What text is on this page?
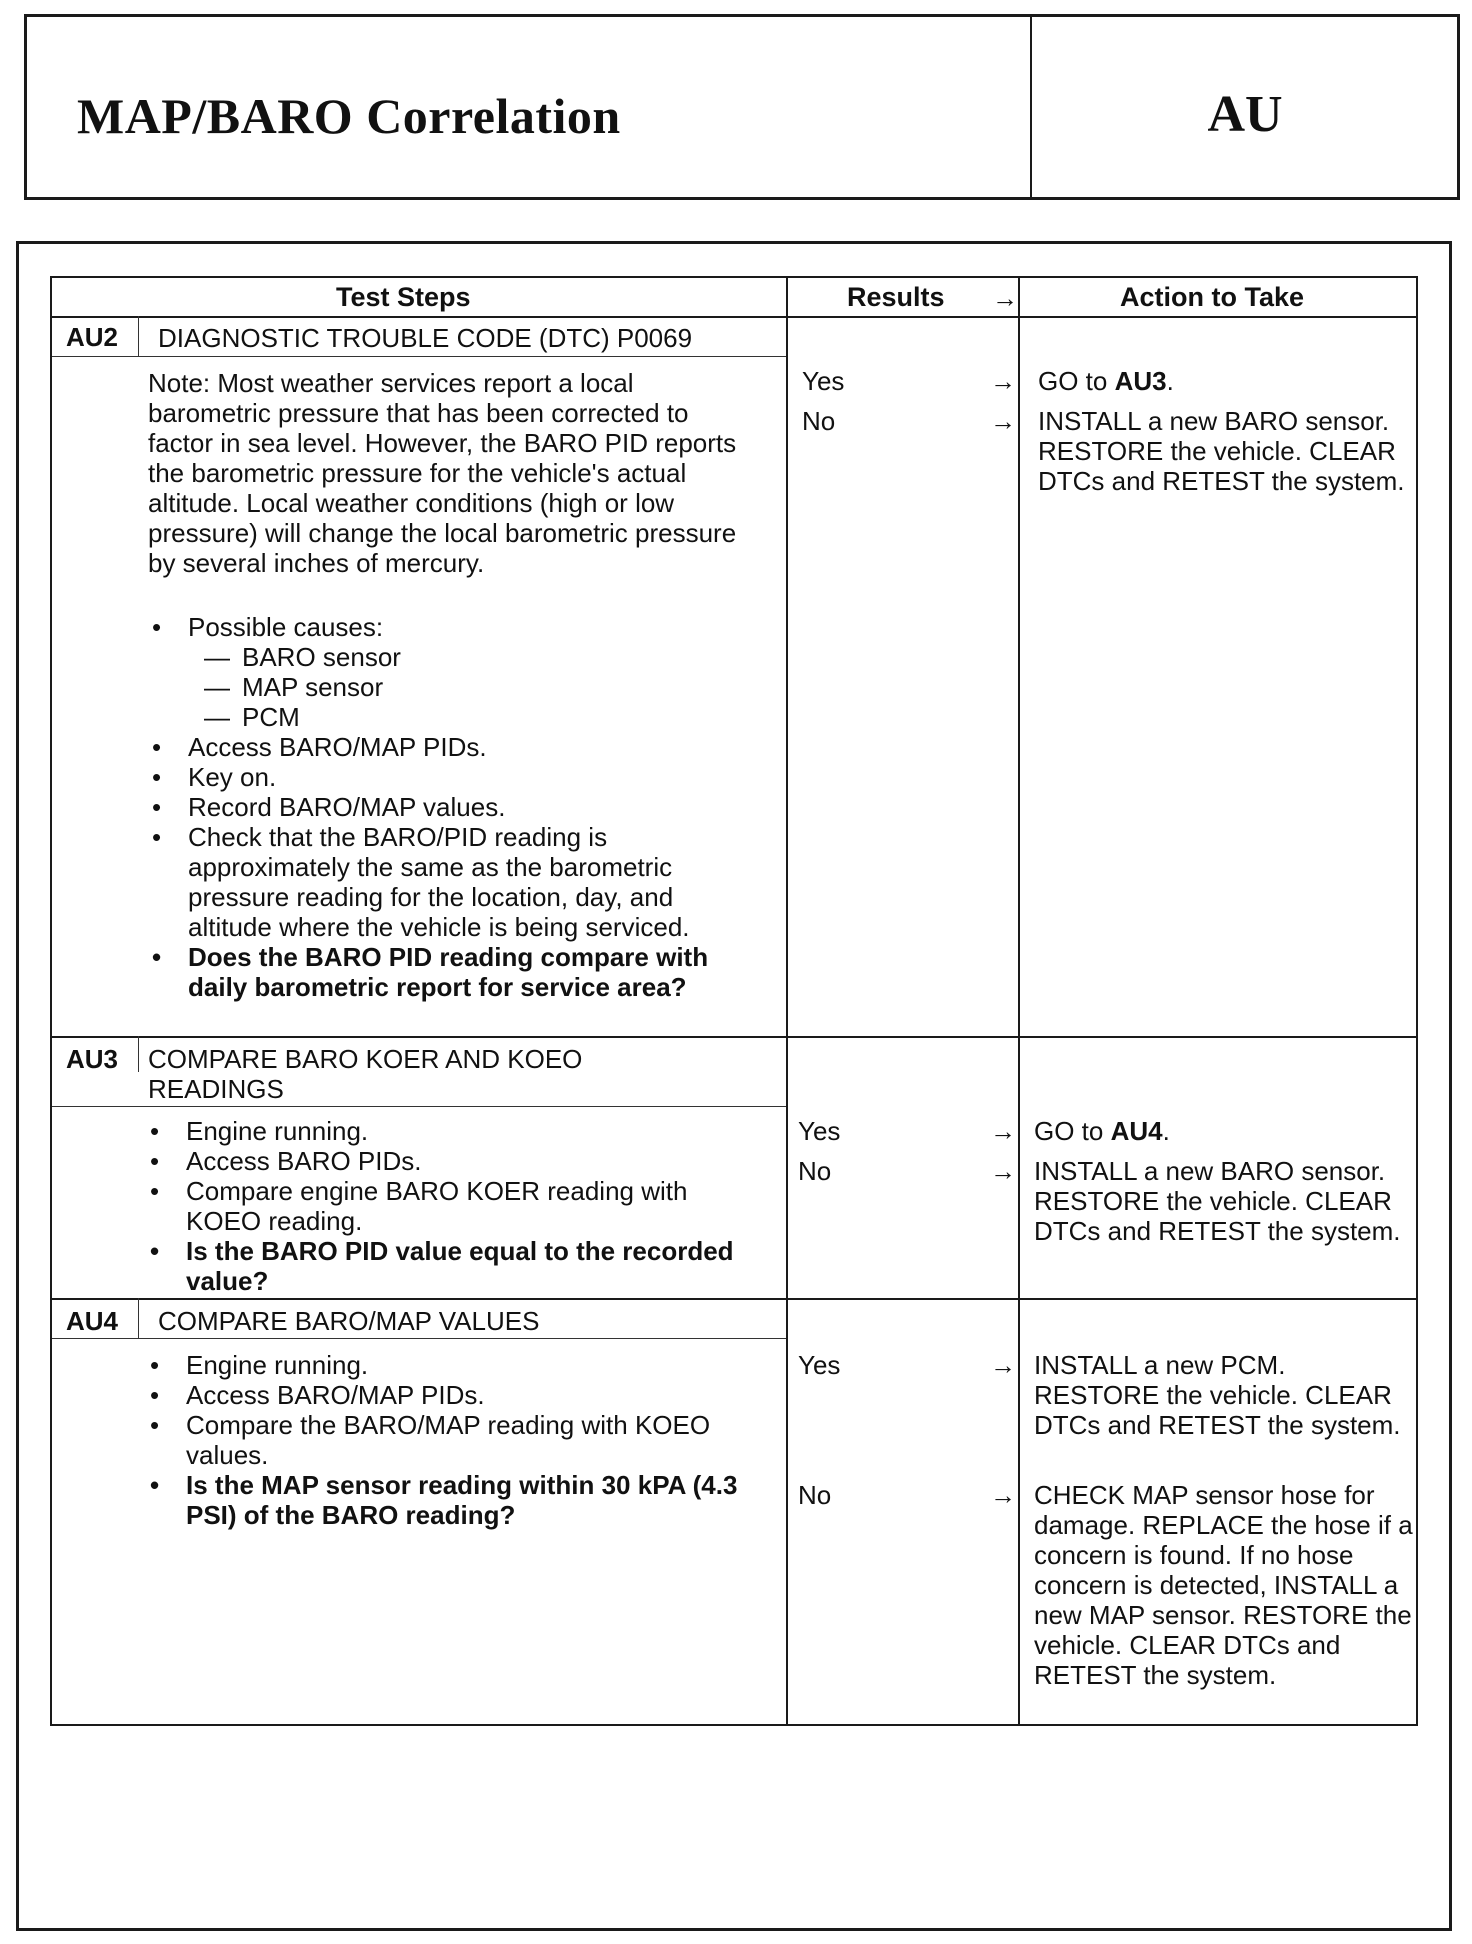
MAP/BARO Correlation	AU
Test Steps	Results →	Action to Take
AU2 DIAGNOSTIC TROUBLE CODE (DTC) P0069
Note: Most weather services report a local barometric pressure that has been corrected to factor in sea level. However, the BARO PID reports the barometric pressure for the vehicle's actual altitude. Local weather conditions (high or low pressure) will change the local barometric pressure by several inches of mercury.
• Possible causes:
— BARO sensor
— MAP sensor
— PCM
• Access BARO/MAP PIDs.
• Key on.
• Record BARO/MAP values.
• Check that the BARO/PID reading is approximately the same as the barometric pressure reading for the location, day, and altitude where the vehicle is being serviced.
• Does the BARO PID reading compare with daily barometric report for service area?
Yes	→ GO to AU3.
No	→ INSTALL a new BARO sensor. RESTORE the vehicle. CLEAR DTCs and RETEST the system.
AU3 COMPARE BARO KOER AND KOEO READINGS
• Engine running.
• Access BARO PIDs.
• Compare engine BARO KOER reading with KOEO reading.
• Is the BARO PID value equal to the recorded value?
Yes	→ GO to AU4.
No	→ INSTALL a new BARO sensor. RESTORE the vehicle. CLEAR DTCs and RETEST the system.
AU4 COMPARE BARO/MAP VALUES
• Engine running.
• Access BARO/MAP PIDs.
• Compare the BARO/MAP reading with KOEO values.
• Is the MAP sensor reading within 30 kPA (4.3 PSI) of the BARO reading?
Yes	→ INSTALL a new PCM. RESTORE the vehicle. CLEAR DTCs and RETEST the system.
No	→ CHECK MAP sensor hose for damage. REPLACE the hose if a concern is found. If no hose concern is detected, INSTALL a new MAP sensor. RESTORE the vehicle. CLEAR DTCs and RETEST the system.
